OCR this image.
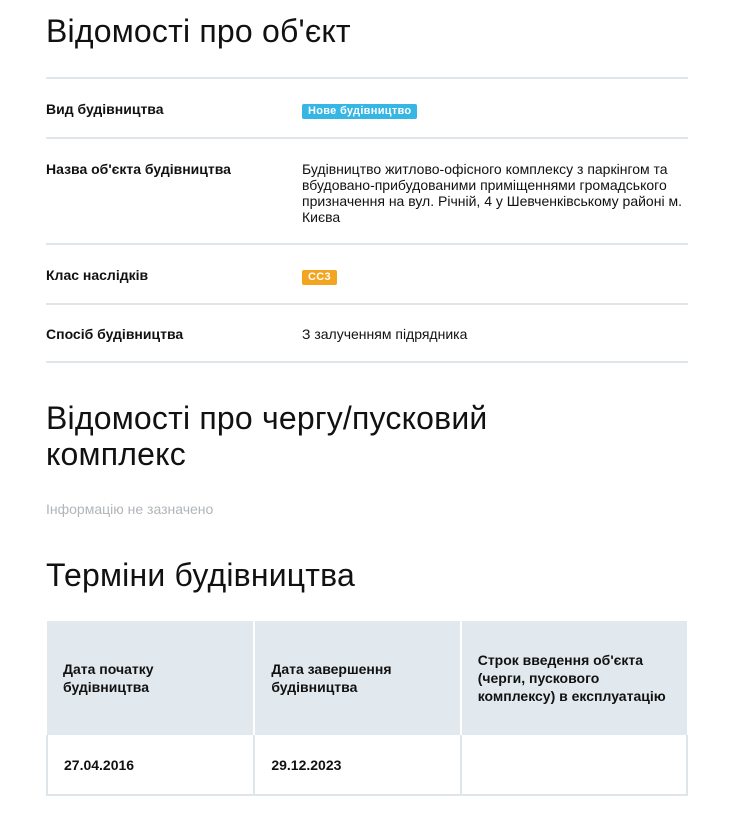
Відомості про об'єкт
Вид будівництва	Нове будівництво
Назва об'єкта будівництва	Будівництво житлово-офісного комплексу з паркінгом та вбудовано-прибудованими приміщеннями громадського призначення на вул. Річній, 4 у Шевченківському районі м. Києва
Клас наслідків	СС3
Спосіб будівництва	З залученням підрядника
Відомості про чергу/пусковий комплекс
Інформацію не зазначено
Терміни будівництва
Дата початку будівництва	Дата завершення будівництва	Строк введення об'єкта (черги, пускового комплексу) в експлуатацію
27.04.2016	29.12.2023	
